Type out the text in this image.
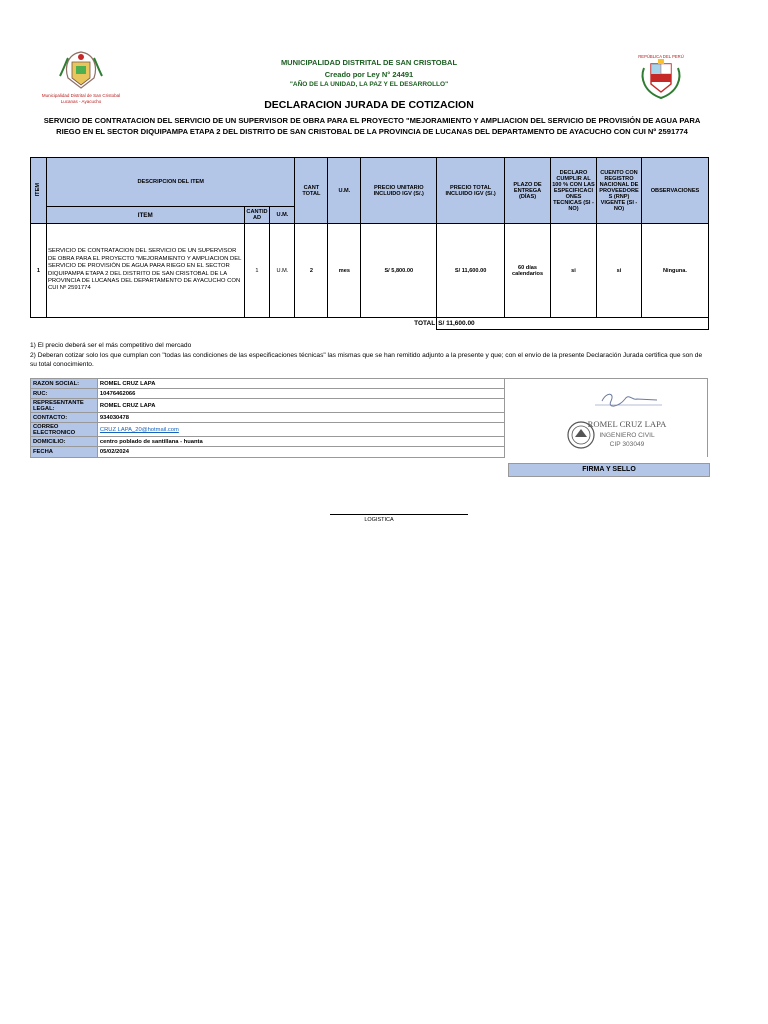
Municipalidad Distrital de San Cristobal Lucanas - Ayacucho
REPÚBLICA DEL PERÚ
MUNICIPALIDAD DISTRITAL DE SAN CRISTOBAL
Creado por Ley N° 24491
"AÑO DE LA UNIDAD, LA PAZ Y EL DESARROLLO"
DECLARACION JURADA DE COTIZACION
SERVICIO DE CONTRATACION DEL SERVICIO DE UN SUPERVISOR DE OBRA PARA EL PROYECTO "MEJORAMIENTO Y AMPLIACION DEL SERVICIO DE PROVISIÓN DE AGUA PARA RIEGO EN EL SECTOR DIQUIPAMPA ETAPA 2 DEL DISTRITO DE SAN CRISTOBAL DE LA PROVINCIA DE LUCANAS DEL DEPARTAMENTO DE AYACUCHO CON CUI Nº 2591774
ITEM	DESCRIPCION DEL ITEM			CANT TOTAL	U.M.	PRECIO UNITARIO INCLUIDO IGV (S/.)	PRECIO TOTAL INCLUIDO IGV (S/.)	PLAZO DE ENTREGA (DÍAS)	DECLARO CUMPLIR AL 100 % CON LAS ESPECIFICACI ONES TECNICAS (SI - NO)	CUENTO CON REGISTRO NACIONAL DE PROVEEDORE S (RNP) VIGENTE (SI - NO)	OBSERVACIONES
	ITEM	CANTID AD	U.M.								
1	SERVICIO DE CONTRATACION DEL SERVICIO DE UN SUPERVISOR DE OBRA PARA EL PROYECTO "MEJORAMIENTO Y AMPLIACION DEL SERVICIO DE PROVISIÓN DE AGUA PARA RIEGO EN EL SECTOR DIQUIPAMPA ETAPA 2 DEL DISTRITO DE SAN CRISTOBAL DE LA PROVINCIA DE LUCANAS DEL DEPARTAMENTO DE AYACUCHO CON CUI Nº 2591774	1	U.M.	2	mes	S/ 5,800.00	S/ 11,600.00	60 días calendarios	si	si	Ninguna.
TOTAL							S/ 11,600.00				
1) El precio deberá ser el más competitivo del mercado
2) Deberan cotizar solo los que cumplan con "todas las condiciones de las especificaciones técnicas" las mismas que se han remitido adjunto a la presente y que; con el envío de la presente Declaración Jurada certifica que son de su total conocimiento.
RAZON SOCIAL:	ROMEL CRUZ LAPA	ROMEL CRUZ LAPA
INGENIERO CIVIL
CIP 303049

RUC:	10476462066	
REPRESENTANTE LEGAL:	ROMEL CRUZ LAPA	
CONTACTO:	934030478	
CORREO ELECTRONICO	CRUZ LAPA_20@hotmail.com	
DOMICILIO:	centro poblado de santillana - huanta	
FECHA	05/02/2024	
FIRMA Y SELLO
LOGISTICA
